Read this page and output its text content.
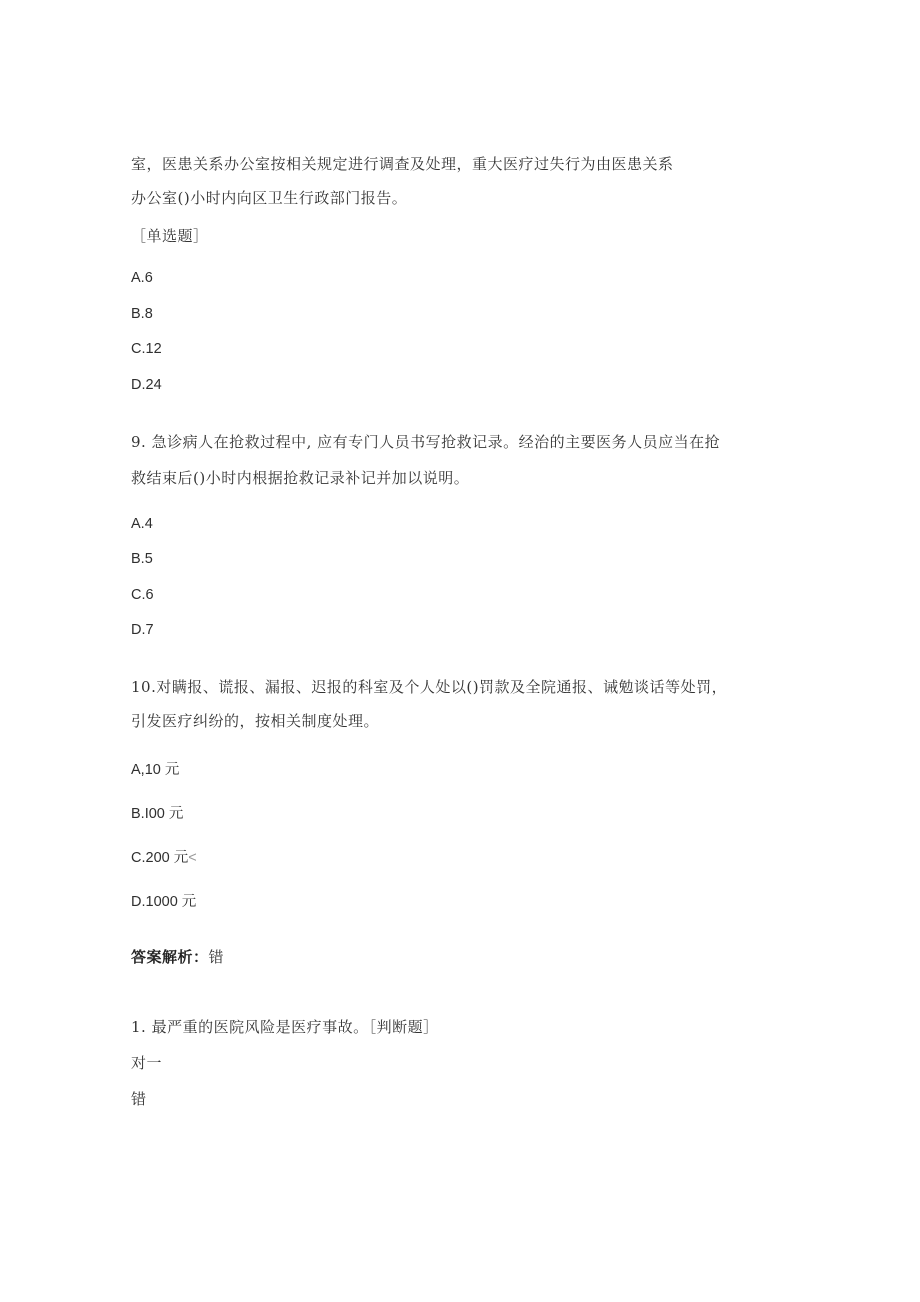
室，医患关系办公室按相关规定进行调查及处理，重大医疗过失行为由医患关系
办公室()小时内向区卫生行政部门报告。
［单选题］
A.6
B.8
C.12
D.24
9. 急诊病人在抢救过程中, 应有专门人员书写抢救记录。经治的主要医务人员应当在抢
救结束后()小时内根据抢救记录补记并加以说明。
A.4
B.5
C.6
D.7
10.对瞒报、谎报、漏报、迟报的科室及个人处以()罚款及全院通报、诫勉谈话等处罚，
引发医疗纠纷的，按相关制度处理。
A,10 元
B.I00 元
C.200 元<
D.1000 元
答案解析：错
1. 最严重的医院风险是医疗事故。［判断题］
对一
错
